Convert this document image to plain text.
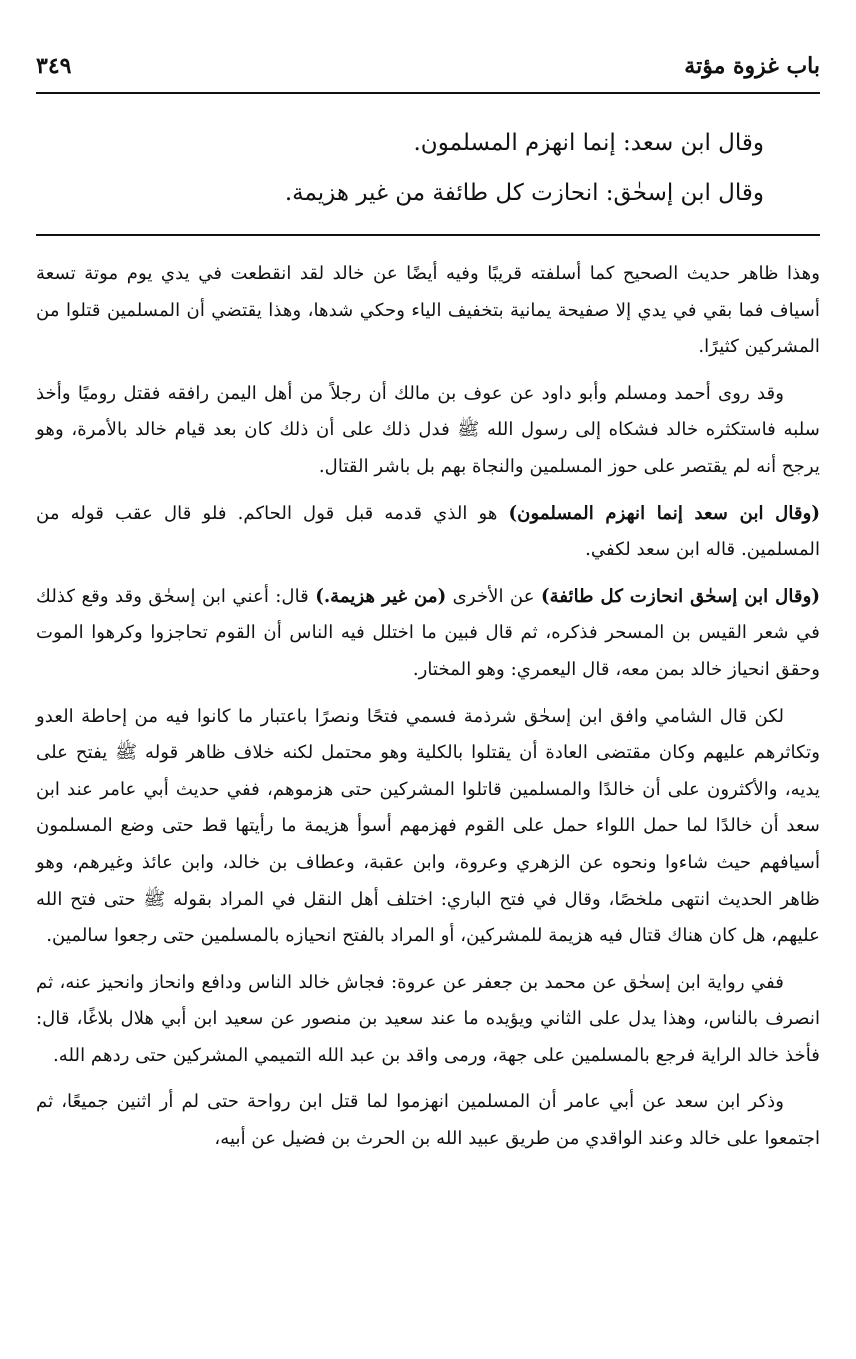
باب غزوة مؤتة
٣٤٩

وقال ابن سعد: إنما انهزم المسلمون.

وقال ابن إسحٰق: انحازت كل طائفة من غير هزيمة.

وهذا ظاهر حديث الصحيح كما أسلفته قريبًا وفيه أيضًا عن خالد لقد انقطعت في يدي يوم موتة تسعة أسياف فما بقي في يدي إلا صفيحة يمانية بتخفيف الياء وحكي شدها، وهذا يقتضي أن المسلمين قتلوا من المشركين كثيرًا.

وقد روى أحمد ومسلم وأبو داود عن عوف بن مالك أن رجلاً من أهل اليمن رافقه فقتل روميًا وأخذ سلبه فاستكثره خالد فشكاه إلى رسول الله ﷺ فدل ذلك على أن ذلك كان بعد قيام خالد بالأمرة، وهو يرجح أنه لم يقتصر على حوز المسلمين والنجاة بهم بل باشر القتال.

(وقال ابن سعد إنما انهزم المسلمون) هو الذي قدمه قبل قول الحاكم. فلو قال عقب قوله من المسلمين. قاله ابن سعد لكفي.

(وقال ابن إسحٰق انحازت كل طائفة) عن الأخرى (من غير هزيمة.) قال: أعني ابن إسحٰق وقد وقع كذلك في شعر القيس بن المسحر فذكره، ثم قال فبين ما اختلل فيه الناس أن القوم تحاجزوا وكرهوا الموت وحقق انحياز خالد بمن معه، قال اليعمري: وهو المختار.

لكن قال الشامي وافق ابن إسحٰق شرذمة فسمي فتحًا ونصرًا باعتبار ما كانوا فيه من إحاطة العدو وتكاثرهم عليهم وكان مقتضى العادة أن يقتلوا بالكلية وهو محتمل لكنه خلاف ظاهر قوله ﷺ يفتح على يديه، والأكثرون على أن خالدًا والمسلمين قاتلوا المشركين حتى هزموهم، ففي حديث أبي عامر عند ابن سعد أن خالدًا لما حمل اللواء حمل على القوم فهزمهم أسوأ هزيمة ما رأيتها قط حتى وضع المسلمون أسيافهم حيث شاءوا ونحوه عن الزهري وعروة، وابن عقبة، وعطاف بن خالد، وابن عائذ وغيرهم، وهو ظاهر الحديث انتهى ملخصًا، وقال في فتح الباري: اختلف أهل النقل في المراد بقوله ﷺ حتى فتح الله عليهم، هل كان هناك قتال فيه هزيمة للمشركين، أو المراد بالفتح انحيازه بالمسلمين حتى رجعوا سالمين.

ففي رواية ابن إسحٰق عن محمد بن جعفر عن عروة: فجاش خالد الناس ودافع وانحاز وانحيز عنه، ثم انصرف بالناس، وهذا يدل على الثاني ويؤيده ما عند سعيد بن منصور عن سعيد ابن أبي هلال بلاغًا، قال: فأخذ خالد الراية فرجع بالمسلمين على جهة، ورمى واقد بن عبد الله التميمي المشركين حتى ردهم الله.

وذكر ابن سعد عن أبي عامر أن المسلمين انهزموا لما قتل ابن رواحة حتى لم أر اثنين جميعًا، ثم اجتمعوا على خالد وعند الواقدي من طريق عبيد الله بن الحرث بن فضيل عن أبيه،
